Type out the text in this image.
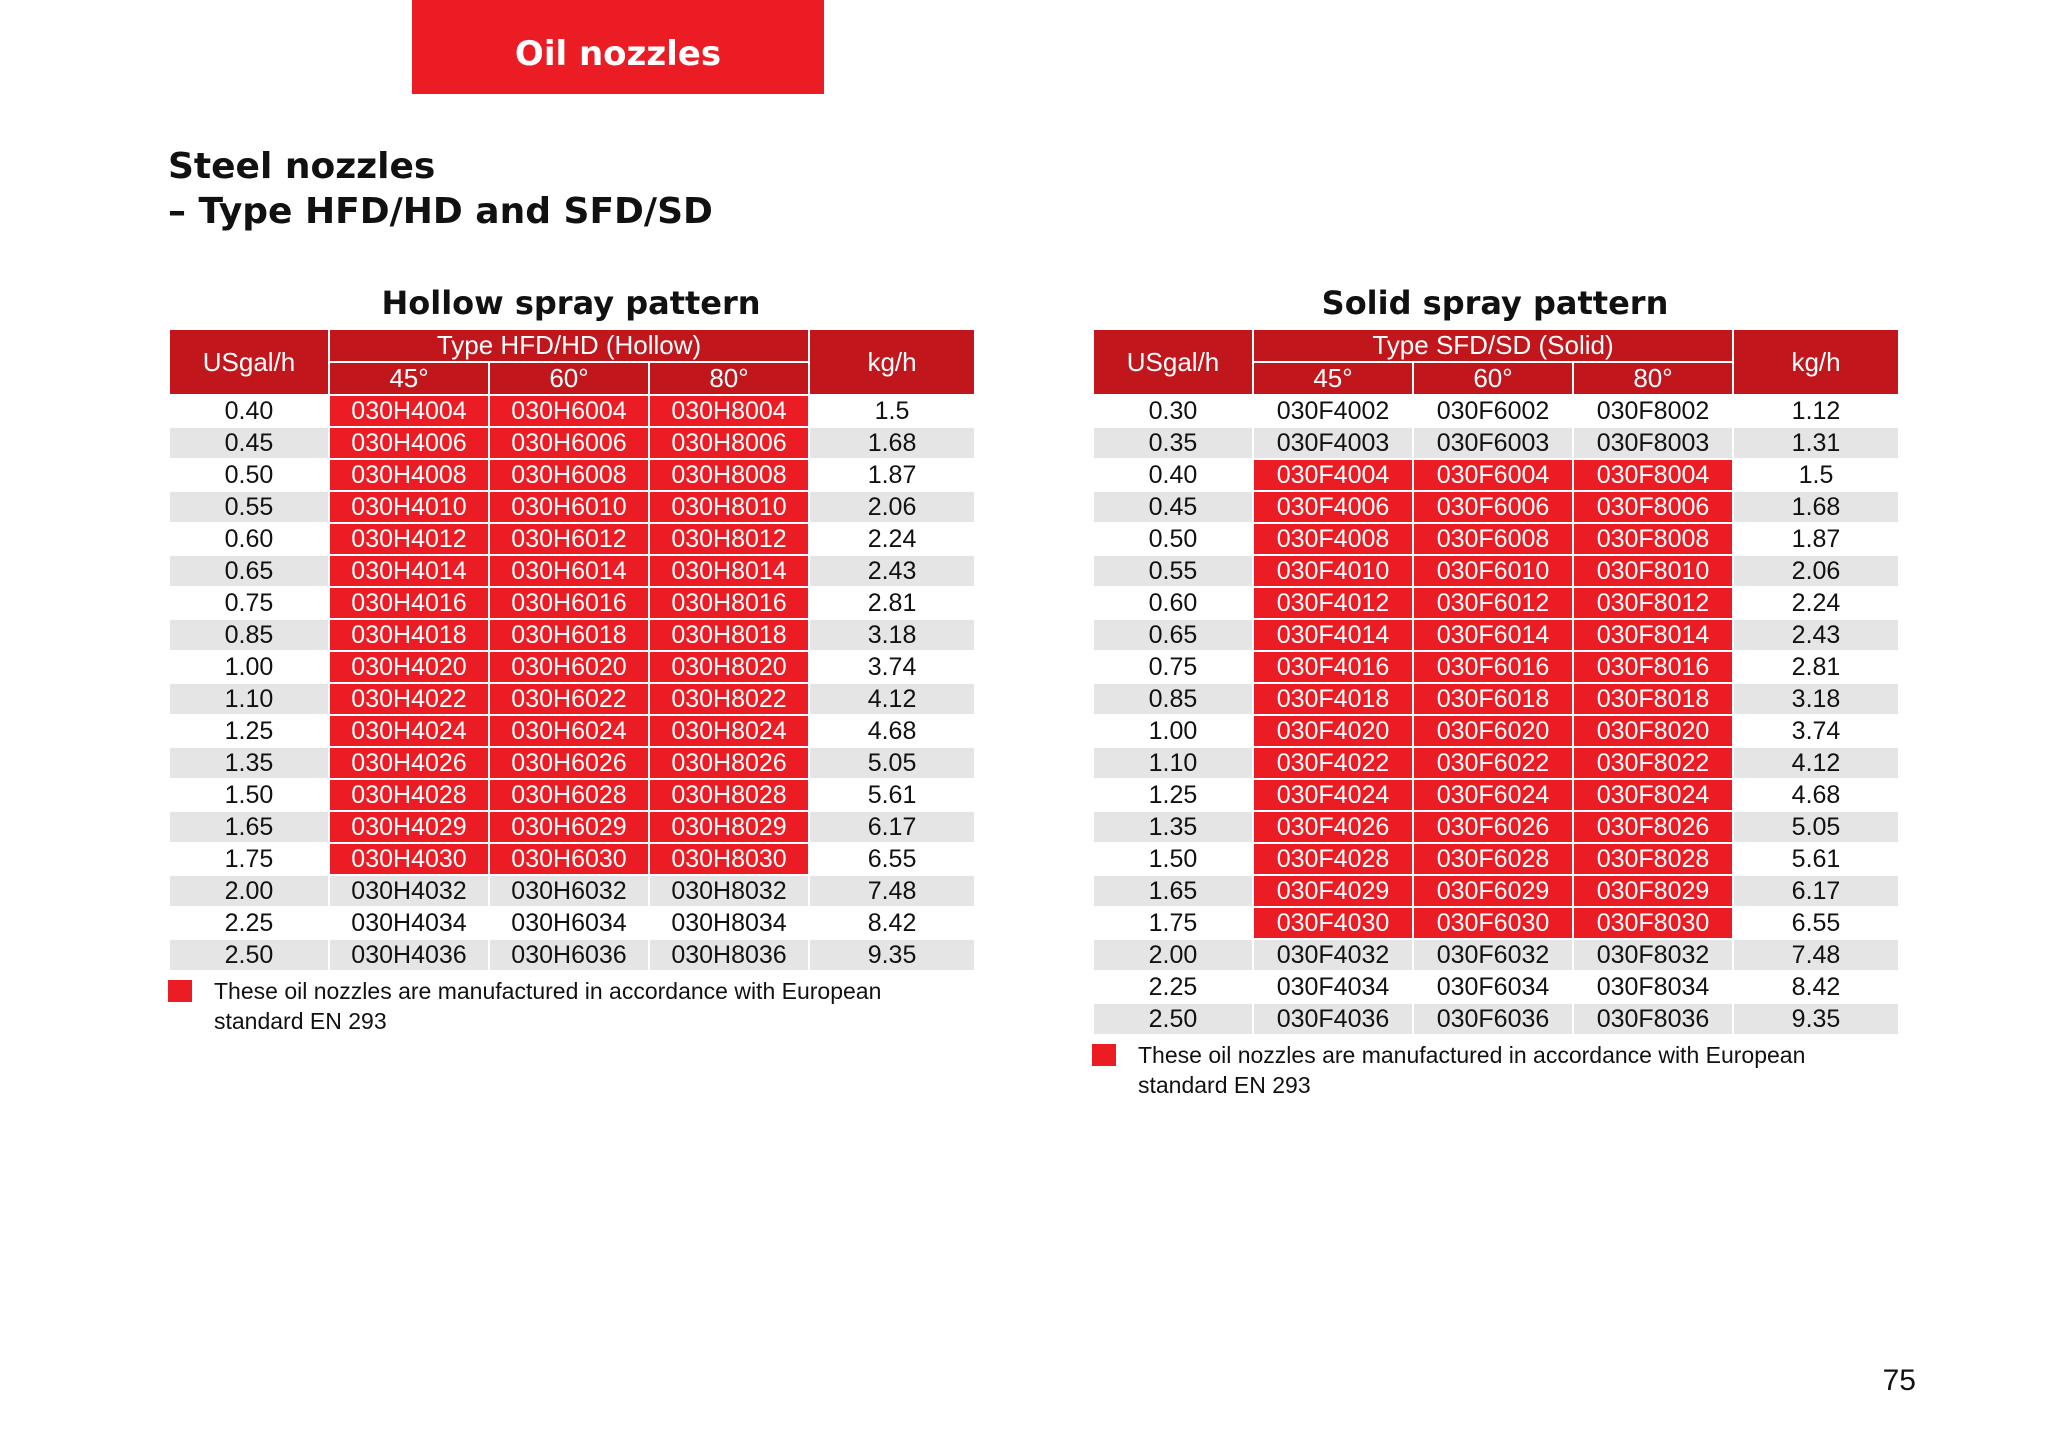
Oil nozzles
Steel nozzles
– Type HFD/HD and SFD/SD
Hollow spray pattern
USgal/h	Type HFD/HD (Hollow)			kg/h
	45°	60°	80°	
0.40	030H4004	030H6004	030H8004	1.5
0.45	030H4006	030H6006	030H8006	1.68
0.50	030H4008	030H6008	030H8008	1.87
0.55	030H4010	030H6010	030H8010	2.06
0.60	030H4012	030H6012	030H8012	2.24
0.65	030H4014	030H6014	030H8014	2.43
0.75	030H4016	030H6016	030H8016	2.81
0.85	030H4018	030H6018	030H8018	3.18
1.00	030H4020	030H6020	030H8020	3.74
1.10	030H4022	030H6022	030H8022	4.12
1.25	030H4024	030H6024	030H8024	4.68
1.35	030H4026	030H6026	030H8026	5.05
1.50	030H4028	030H6028	030H8028	5.61
1.65	030H4029	030H6029	030H8029	6.17
1.75	030H4030	030H6030	030H8030	6.55
2.00	030H4032	030H6032	030H8032	7.48
2.25	030H4034	030H6034	030H8034	8.42
2.50	030H4036	030H6036	030H8036	9.35
These oil nozzles are manufactured in accordance with European standard EN 293
Solid spray pattern
USgal/h	Type SFD/SD (Solid)			kg/h
	45°	60°	80°	
0.30	030F4002	030F6002	030F8002	1.12
0.35	030F4003	030F6003	030F8003	1.31
0.40	030F4004	030F6004	030F8004	1.5
0.45	030F4006	030F6006	030F8006	1.68
0.50	030F4008	030F6008	030F8008	1.87
0.55	030F4010	030F6010	030F8010	2.06
0.60	030F4012	030F6012	030F8012	2.24
0.65	030F4014	030F6014	030F8014	2.43
0.75	030F4016	030F6016	030F8016	2.81
0.85	030F4018	030F6018	030F8018	3.18
1.00	030F4020	030F6020	030F8020	3.74
1.10	030F4022	030F6022	030F8022	4.12
1.25	030F4024	030F6024	030F8024	4.68
1.35	030F4026	030F6026	030F8026	5.05
1.50	030F4028	030F6028	030F8028	5.61
1.65	030F4029	030F6029	030F8029	6.17
1.75	030F4030	030F6030	030F8030	6.55
2.00	030F4032	030F6032	030F8032	7.48
2.25	030F4034	030F6034	030F8034	8.42
2.50	030F4036	030F6036	030F8036	9.35
These oil nozzles are manufactured in accordance with European standard EN 293
75
